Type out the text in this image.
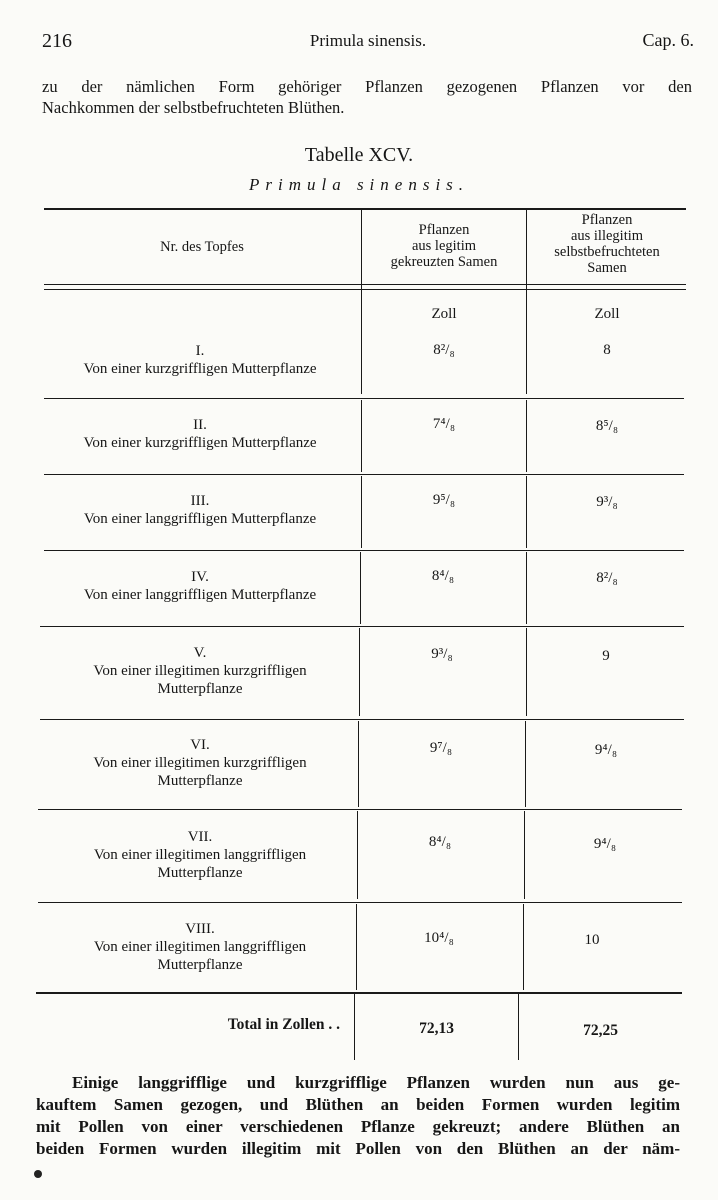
216	Primula sinensis.	Cap. 6.
zu der nämlichen Form gehöriger Pflanzen gezogenen Pflanzen vor den
Nachkommen der selbstbefruchteten Blüthen.
Tabelle XCV.
Primula sinensis.
Nr. des Topfes
Pflanzen
aus legitim
gekreuzten Samen
Pflanzen
aus illegitim
selbstbefruchteten
Samen
Zoll	Zoll
I.
Von einer kurzgriffligen Mutterpflanze
8²/₈	8
II.
Von einer kurzgriffligen Mutterpflanze
7⁴/₈	8⁵/₈
III.
Von einer langgriffligen Mutterpflanze
9⁵/₈	9³/₈
IV.
Von einer langgriffligen Mutterpflanze
8⁴/₈	8²/₈
V.
Von einer illegitimen kurzgriffligen
Mutterpflanze
9³/₈	9
VI.
Von einer illegitimen kurzgriffligen
Mutterpflanze
9⁷/₈	9⁴/₈
VII.
Von einer illegitimen langgriffligen
Mutterpflanze
8⁴/₈	9⁴/₈
VIII.
Von einer illegitimen langgriffligen
Mutterpflanze
10⁴/₈	10
Total in Zollen . .	72,13	72,25
Einige langgrifflige und kurzgrifflige Pflanzen wurden nun aus ge-
kauftem Samen gezogen, und Blüthen an beiden Formen wurden legitim
mit Pollen von einer verschiedenen Pflanze gekreuzt; andere Blüthen an
beiden Formen wurden illegitim mit Pollen von den Blüthen an der näm-
